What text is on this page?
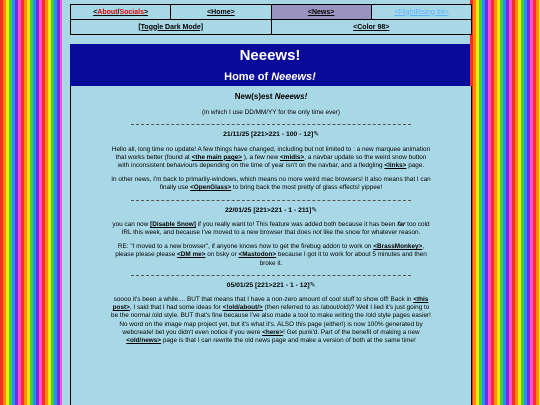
< About / Socials >	<Home>	<News>	<FlightRising 98>
[Toggle Dark Mode]	<Color 98>
Neeews!
Home of Neeews!
New(s)est Neeews!
(in which I use DD/MM/YY for the only time ever)
21/11/25 [221>221 - 100 - 12]✎
Hello all, long time no update! A few things have changed, including but not limited to : a new marquee animation that works better (found at <the main page> ), a few new <midis>, a navbar update so the weird snow button with inconsistent behaviours depending on the time of year isn't on the navbar, and a fledgling <links> page.
In other news, I'm back to primarily-windows, which means no more weird mac browsers! It also means that I can finally use <OpenGlass> to bring back the most pretty of glass effects! yippee!
22/01/25 [221>221 - 1 - 211]✎
you can now [Disable Snow] if you really want to! This feature was added both because it has been far too cold IRL this week, and because I've moved to a new browser that does not like the snow for whatever reason.
RE: "I moved to a new browser", if anyone knows how to get the firebug addon to work on <BrassMonkey>, please please please <DM me> on bsky or <Mastodon> because I got it to work for about 5 minutes and then broke it.
05/01/25 [221>221 - 1 - 12]✎
soooo it's been a while.... BUT that means that I have a non-zero amount of cool stuff to show off! Back in <this post>, I said that I had some ideas for <!old/about/> (then referred to as /about/old)? Well I lied it's just going to be the normal /old style. BUT that's fine because I've also made a tool to make writing the /old style pages easier! No word on the image map project yet, but it's what it's. ALSO this page (either!) is now 100% generated by webcreate! bet you didn't even notice if you were <here>! Get punk'd. Part of the benefit of making a new <old/news> page is that I can rewrite the old news page and make a version of both at the same time!
